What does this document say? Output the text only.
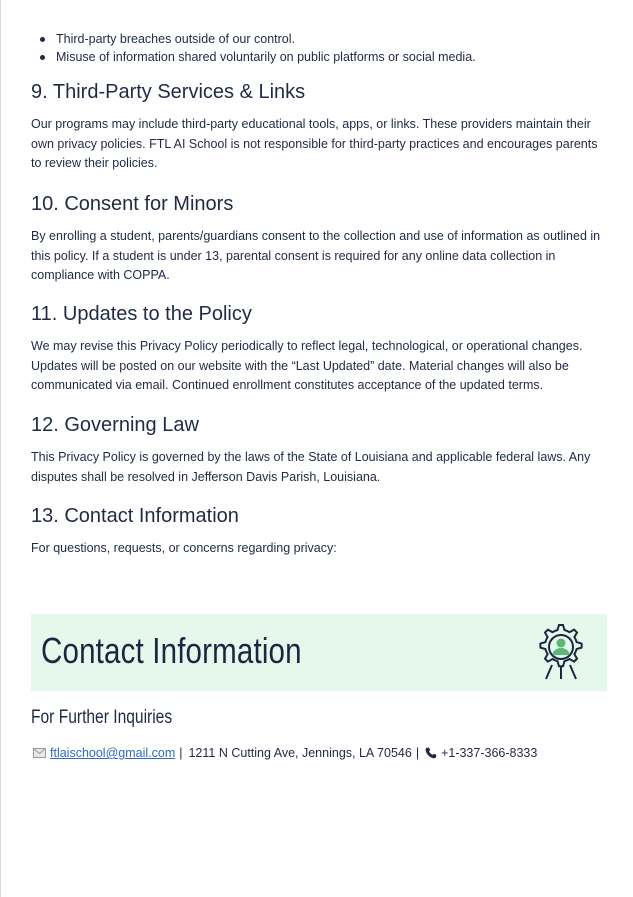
Third-party breaches outside of our control.
Misuse of information shared voluntarily on public platforms or social media.
9. Third-Party Services & Links

Our programs may include third-party educational tools, apps, or links. These providers maintain their own privacy policies. FTL AI School is not responsible for third-party practices and encourages parents to review their policies.

10. Consent for Minors

By enrolling a student, parents/guardians consent to the collection and use of information as outlined in this policy. If a student is under 13, parental consent is required for any online data collection in compliance with COPPA.

11. Updates to the Policy

We may revise this Privacy Policy periodically to reflect legal, technological, or operational changes. Updates will be posted on our website with the “Last Updated” date. Material changes will also be communicated via email. Continued enrollment constitutes acceptance of the updated terms.

12. Governing Law

This Privacy Policy is governed by the laws of the State of Louisiana and applicable federal laws. Any disputes shall be resolved in Jefferson Davis Parish, Louisiana.

13. Contact Information

For questions, requests, or concerns regarding privacy:

Contact Information
For Further Inquiries
ftlaischool@gmail.com | 1211 N Cutting Ave, Jennings, LA 70546 | +1-337-366-8333
